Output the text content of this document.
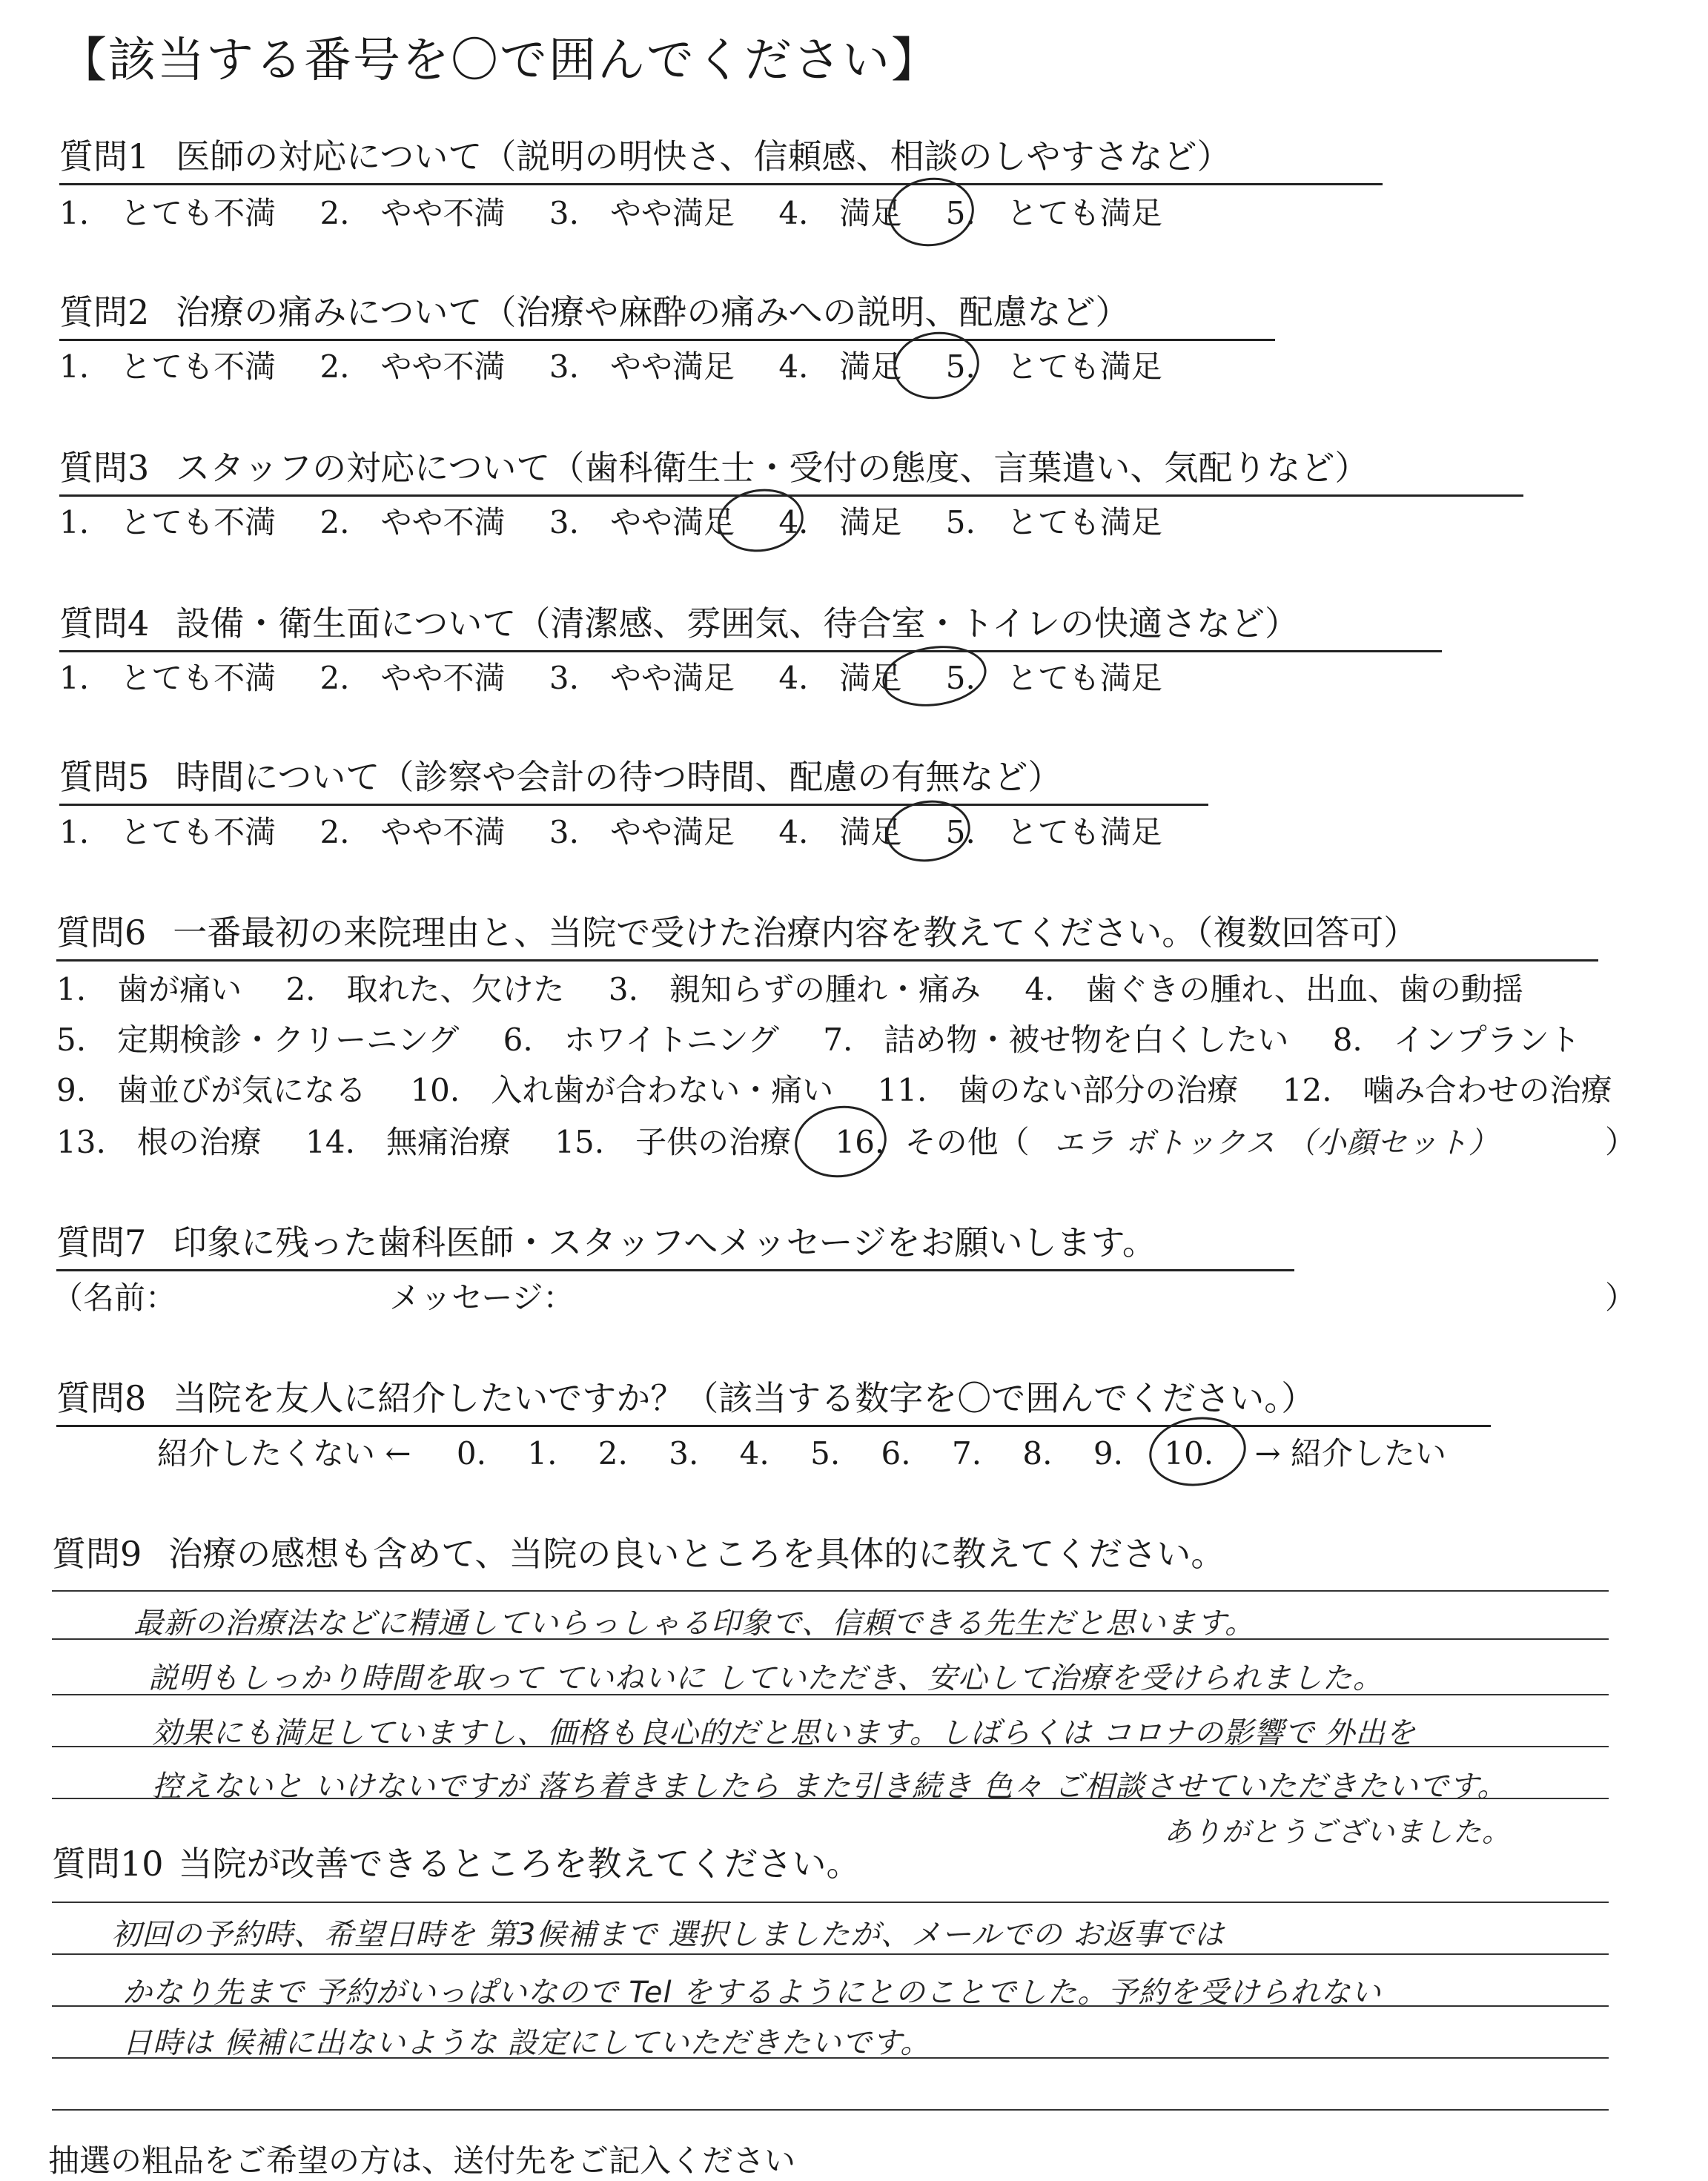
【該当する番号を〇で囲んでください】
質問1 医師の対応について（説明の明快さ、信頼感、相談のしやすさなど）
1.　とても不満 2.　やや不満 3.　やや満足 4.　満足 5.　とても満足
質問2 治療の痛みについて（治療や麻酔の痛みへの説明、配慮など）
1.　とても不満 2.　やや不満 3.　やや満足 4.　満足 5.　とても満足
質問3 スタッフの対応について（歯科衛生士・受付の態度、言葉遣い、気配りなど）
1.　とても不満 2.　やや不満 3.　やや満足 4.　満足 5.　とても満足
質問4 設備・衛生面について（清潔感、雰囲気、待合室・トイレの快適さなど）
1.　とても不満 2.　やや不満 3.　やや満足 4.　満足 5.　とても満足
質問5 時間について（診察や会計の待つ時間、配慮の有無など）
1.　とても不満 2.　やや不満 3.　やや満足 4.　満足 5.　とても満足
質問6 一番最初の来院理由と、当院で受けた治療内容を教えてください。（複数回答可）
1.　歯が痛い 2.　取れた、欠けた 3.　親知らずの腫れ・痛み 4.　歯ぐきの腫れ、出血、歯の動揺
5.　定期検診・クリーニング 6.　ホワイトニング 7.　詰め物・被せ物を白くしたい 8.　インプラント
9.　歯並びが気になる 10.　入れ歯が合わない・痛い 11.　歯のない部分の治療 12.　噛み合わせの治療
13.　根の治療 14.　無痛治療 15.　子供の治療 16. その他（ エラ ボトックス （小顔セット）	）
質問7 印象に残った歯科医師・スタッフへメッセージをお願いします。
（名前：	メッセージ：	）
質問8 当院を友人に紹介したいですか？（該当する数字を〇で囲んでください。）
紹介したくない ← 0. 1. 2. 3. 4. 5. 6. 7. 8. 9. 10. → 紹介したい
質問9 治療の感想も含めて、当院の良いところを具体的に教えてください。
最新の治療法などに精通していらっしゃる印象で、信頼できる先生だと思います。
説明もしっかり時間を取って ていねいに していただき、安心して治療を受けられました。
効果にも満足していますし、価格も良心的だと思います。しばらくは コロナの影響で 外出を
控えないと いけないですが 落ち着きましたら また引き続き 色々 ご相談させていただきたいです。
ありがとうございました。
質問10 当院が改善できるところを教えてください。
初回の予約時、希望日時を 第3候補まで 選択しましたが、メールでの お返事では
かなり先まで 予約がいっぱいなので Tel をするようにとのことでした。予約を受けられない
日時は 候補に出ないような 設定にしていただきたいです。
抽選の粗品をご希望の方は、送付先をご記入ください
